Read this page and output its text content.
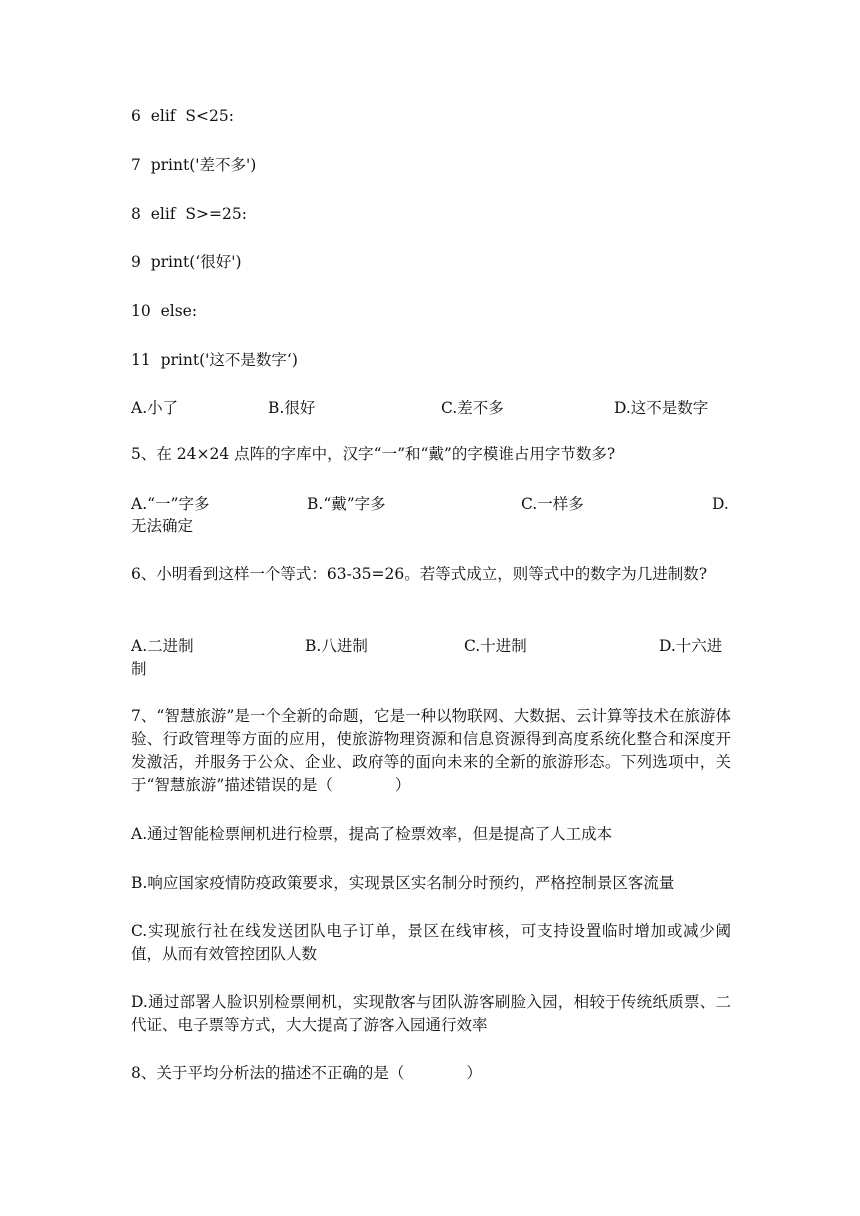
6  elif  S<25:
7  print('差不多')
8  elif  S>=25:
9  print(‘很好')
10  else:
11  print('这不是数字‘)
A.小了	B.很好	C.差不多	D.这不是数字
5、在 24×24 点阵的字库中，汉字“一”和“戴”的字模谁占用字节数多?
A.“一”字多	B.“戴”字多	C.一样多	D.
无法确定
6、小明看到这样一个等式：63-35=26。若等式成立，则等式中的数字为几进制数?
A.二进制	B.八进制	C.十进制	D.十六进
制
7、“智慧旅游”是一个全新的命题，它是一种以物联网、大数据、云计算等技术在旅游体验、行政管理等方面的应用，使旅游物理资源和信息资源得到高度系统化整合和深度开发激活，并服务于公众、企业、政府等的面向未来的全新的旅游形态。下列选项中，关于“智慧旅游”描述错误的是（　　　　）
A.通过智能检票闸机进行检票，提高了检票效率，但是提高了人工成本
B.响应国家疫情防疫政策要求，实现景区实名制分时预约，严格控制景区客流量
C.实现旅行社在线发送团队电子订单，景区在线审核，可支持设置临时增加或减少阈值，从而有效管控团队人数
D.通过部署人脸识别检票闸机，实现散客与团队游客刷脸入园，相较于传统纸质票、二代证、电子票等方式，大大提高了游客入园通行效率
8、关于平均分析法的描述不正确的是（　　　　）
